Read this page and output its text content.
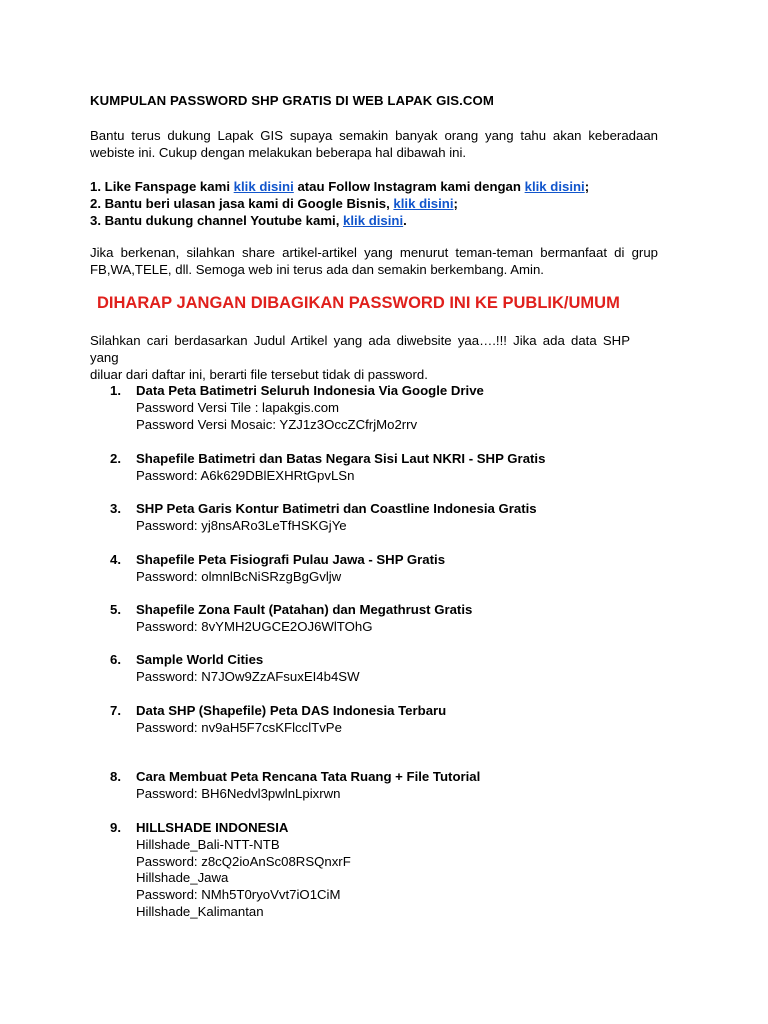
KUMPULAN PASSWORD SHP GRATIS DI WEB LAPAK GIS.COM
Bantu terus dukung Lapak GIS supaya semakin banyak orang yang tahu akan keberadaan
webiste ini. Cukup dengan melakukan beberapa hal dibawah ini.
1. Like Fanspage kami klik disini atau Follow Instagram kami dengan klik disini;
2. Bantu beri ulasan jasa kami di Google Bisnis, klik disini;
3. Bantu dukung channel Youtube kami, klik disini.
Jika berkenan, silahkan share artikel-artikel yang menurut teman-teman bermanfaat di grup
FB,WA,TELE, dll. Semoga web ini terus ada dan semakin berkembang. Amin.
DIHARAP JANGAN DIBAGIKAN PASSWORD INI KE PUBLIK/UMUM
Silahkan cari berdasarkan Judul Artikel yang ada diwebsite yaa….!!! Jika ada data SHP yang
diluar dari daftar ini, berarti file tersebut tidak di password.
1. Data Peta Batimetri Seluruh Indonesia Via Google Drive
Password Versi Tile : lapakgis.com
Password Versi Mosaic: YZJ1z3OccZCfrjMo2rrv
2. Shapefile Batimetri dan Batas Negara Sisi Laut NKRI - SHP Gratis
Password: A6k629DBlEXHRtGpvLSn
3. SHP Peta Garis Kontur Batimetri dan Coastline Indonesia Gratis
Password: yj8nsARo3LeTfHSKGjYe
4. Shapefile Peta Fisiografi Pulau Jawa - SHP Gratis
Password: olmnlBcNiSRzgBgGvljw
5. Shapefile Zona Fault (Patahan) dan Megathrust Gratis
Password: 8vYMH2UGCE2OJ6WlTOhG
6. Sample World Cities
Password: N7JOw9ZzAFsuxEI4b4SW
7. Data SHP (Shapefile) Peta DAS Indonesia Terbaru
Password: nv9aH5F7csKFlcclTvPe
8. Cara Membuat Peta Rencana Tata Ruang + File Tutorial
Password: BH6Nedvl3pwlnLpixrwn
9. HILLSHADE INDONESIA
Hillshade_Bali-NTT-NTB
Password: z8cQ2ioAnSc08RSQnxrF
Hillshade_Jawa
Password: NMh5T0ryoVvt7iO1CiM
Hillshade_Kalimantan
